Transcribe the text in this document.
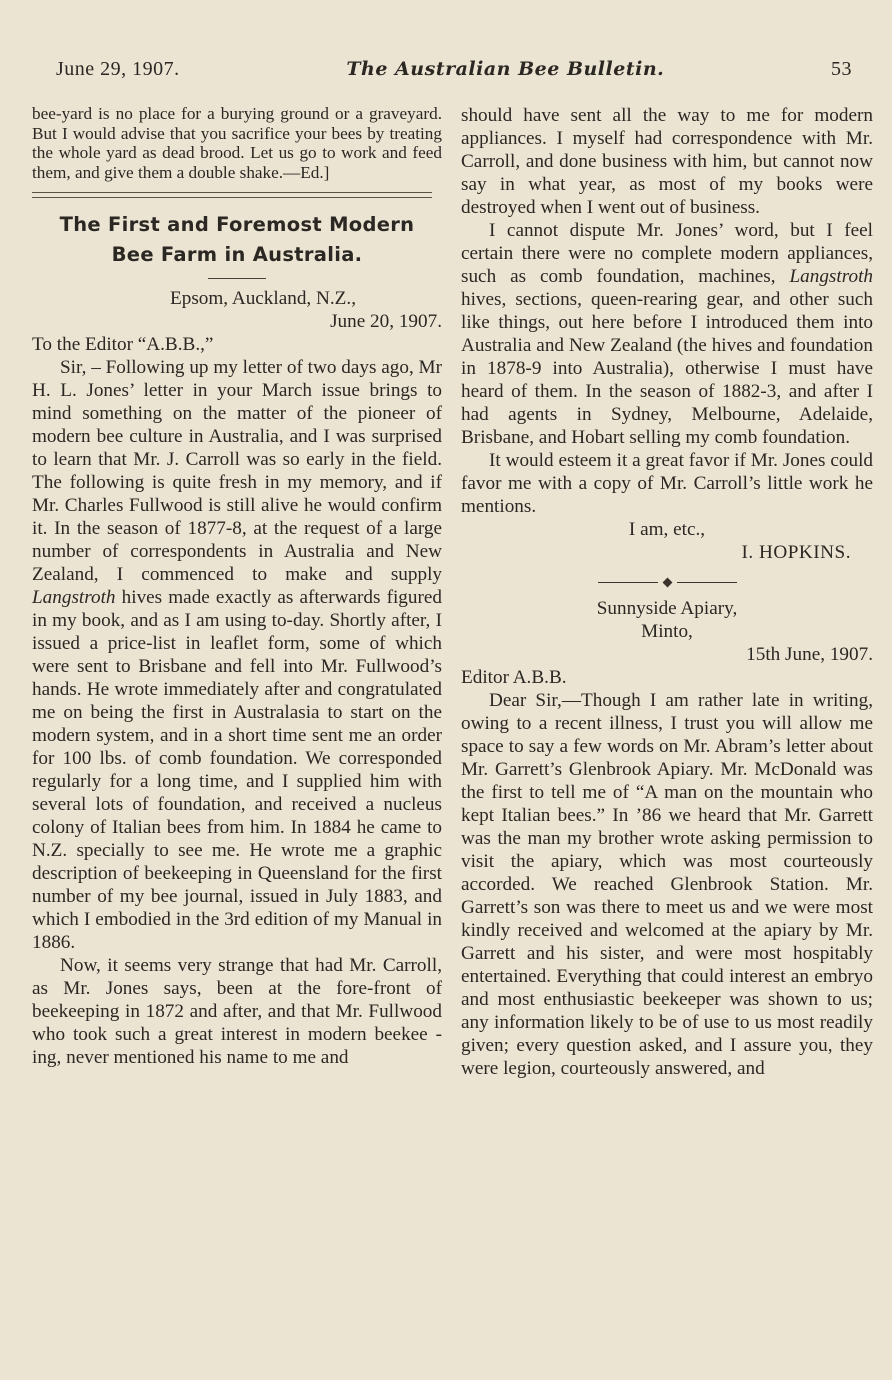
June 29, 1907.	The Australian Bee Bulletin.	53

bee-yard is no place for a burying ground or a graveyard. But I would advise that you sacrifice your bees by treating the whole yard as dead brood. Let us go to work and feed them, and give them a double shake.—Ed.]

The First and Foremost Modern
Bee Farm in Australia.

Epsom, Auckland, N.Z.,

June 20, 1907.

To the Editor “A.B.B.,”

Sir, – Following up my letter of two days ago, Mr H. L. Jones’ letter in your March issue brings to mind something on the matter of the pioneer of modern bee culture in Australia, and I was surprised to learn that Mr. J. Carroll was so early in the field. The following is quite fresh in my memory, and if Mr. Charles Fullwood is still alive he would confirm it. In the season of 1877-8, at the request of a large number of correspondents in Australia and New Zealand, I commenced to make and supply Langstroth hives made exactly as afterwards figured in my book, and as I am using to-day. Shortly after, I issued a price-list in leaflet form, some of which were sent to Brisbane and fell into Mr. Fullwood’s hands. He wrote immediately after and congratulated me on being the first in Australasia to start on the modern system, and in a short time sent me an order for 100 lbs. of comb foundation. We corresponded regularly for a long time, and I supplied him with several lots of foundation, and received a nucleus colony of Italian bees from him. In 1884 he came to N.Z. specially to see me. He wrote me a graphic description of beekeeping in Queensland for the first number of my bee journal, issued in July 1883, and which I embodied in the 3rd edition of my Manual in 1886.

Now, it seems very strange that had Mr. Carroll, as Mr. Jones says, been at the fore-front of beekeeping in 1872 and after, and that Mr. Fullwood who took such a great interest in modern beekee - ing, never mentioned his name to me and

should have sent all the way to me for modern appliances. I myself had correspondence with Mr. Carroll, and done business with him, but cannot now say in what year, as most of my books were destroyed when I went out of business.

I cannot dispute Mr. Jones’ word, but I feel certain there were no complete modern appliances, such as comb foundation, machines, Langstroth hives, sections, queen-rearing gear, and other such like things, out here before I introduced them into Australia and New Zealand (the hives and foundation in 1878-9 into Australia), otherwise I must have heard of them. In the season of 1882-3, and after I had agents in Sydney, Melbourne, Adelaide, Brisbane, and Hobart selling my comb foundation.

It would esteem it a great favor if Mr. Jones could favor me with a copy of Mr. Carroll’s little work he mentions.

I am, etc.,

I. HOPKINS.

Sunnyside Apiary,

Minto,

15th June, 1907.

Editor A.B.B.

Dear Sir,—Though I am rather late in writing, owing to a recent illness, I trust you will allow me space to say a few words on Mr. Abram’s letter about Mr. Garrett’s Glenbrook Apiary. Mr. McDonald was the first to tell me of “A man on the mountain who kept Italian bees.” In ’86 we heard that Mr. Garrett was the man my brother wrote asking permission to visit the apiary, which was most courteously accorded. We reached Glenbrook Station. Mr. Garrett’s son was there to meet us and we were most kindly received and welcomed at the apiary by Mr. Garrett and his sister, and were most hospitably entertained. Everything that could interest an embryo and most enthusiastic beekeeper was shown to us; any information likely to be of use to us most readily given; every question asked, and I assure you, they were legion, courteously answered, and
